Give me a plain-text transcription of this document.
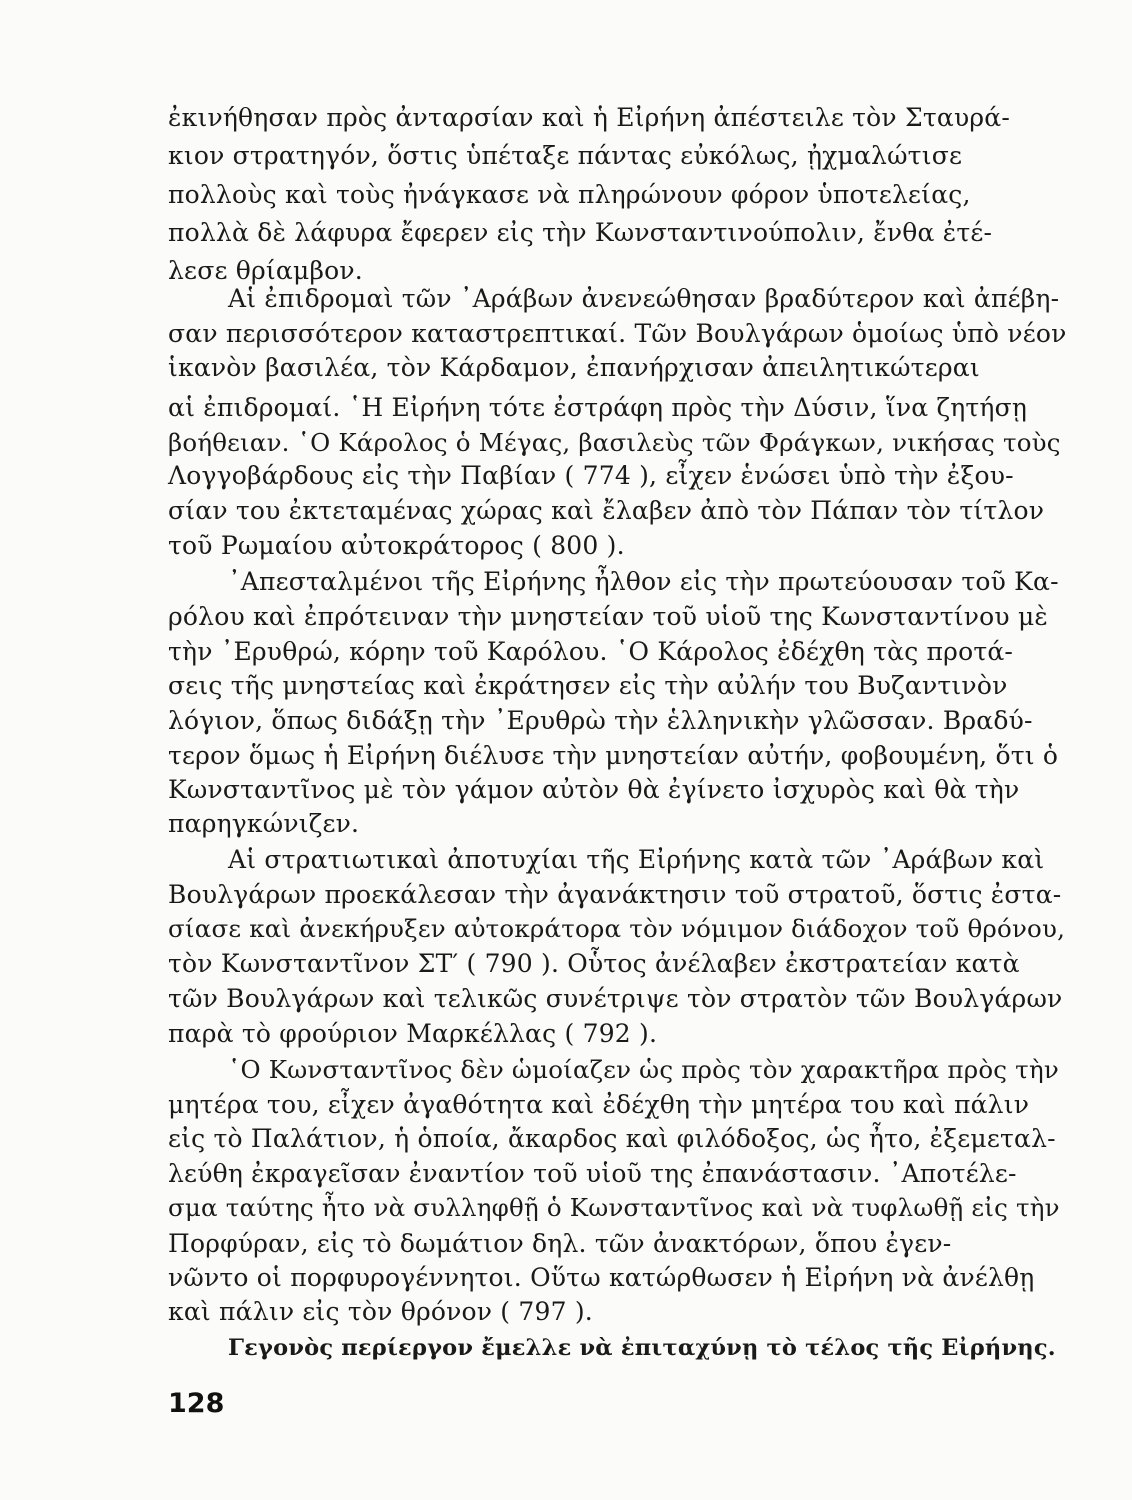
ἐκινήθησαν πρὸς ἀνταρσίαν καὶ ἡ Εἰρήνη ἀπέστειλε τὸν Σταυρά-
κιον στρατηγόν, ὅστις ὑπέταξε πάντας εὐκόλως, ᾐχμαλώτισε
πολλοὺς καὶ τοὺς ἠνάγκασε νὰ πληρώνουν φόρον ὑποτελείας,
πολλὰ δὲ λάφυρα ἔφερεν εἰς τὴν Κωνσταντινούπολιν, ἔνθα ἐτέ-
λεσε θρίαμβον.
Αἱ ἐπιδρομαὶ τῶν ᾿Αράβων ἀνενεώθησαν βραδύτερον καὶ ἀπέβη-
σαν περισσότερον καταστρεπτικαί. Τῶν Βουλγάρων ὁμοίως ὑπὸ νέον
ἱκανὸν βασιλέα, τὸν Κάρδαμον, ἐπανήρχισαν ἀπειλητικώτεραι
αἱ ἐπιδρομαί. ῾Η Εἰρήνη τότε ἐστράφη πρὸς τὴν Δύσιν, ἵνα ζητήσῃ
βοήθειαν. ῾Ο Κάρολος ὁ Μέγας, βασιλεὺς τῶν Φράγκων, νικήσας τοὺς
Λογγοβάρδους εἰς τὴν Παβίαν ( 774 ), εἶχεν ἑνώσει ὑπὸ τὴν ἐξου-
σίαν του ἐκτεταμένας χώρας καὶ ἔλαβεν ἀπὸ τὸν Πάπαν τὸν τίτλον
τοῦ Ρωμαίου αὐτοκράτορος ( 800 ).
᾿Απεσταλμένοι τῆς Εἰρήνης ἦλθον εἰς τὴν πρωτεύουσαν τοῦ Κα-
ρόλου καὶ ἐπρότειναν τὴν μνηστείαν τοῦ υἱοῦ της Κωνσταντίνου μὲ
τὴν ᾿Ερυθρώ, κόρην τοῦ Καρόλου. ῾Ο Κάρολος ἐδέχθη τὰς προτά-
σεις τῆς μνηστείας καὶ ἐκράτησεν εἰς τὴν αὐλήν του Βυζαντινὸν
λόγιον, ὅπως διδάξῃ τὴν ᾿Ερυθρὼ τὴν ἑλληνικὴν γλῶσσαν. Βραδύ-
τερον ὅμως ἡ Εἰρήνη διέλυσε τὴν μνηστείαν αὐτήν, φοβουμένη, ὅτι ὁ
Κωνσταντῖνος μὲ τὸν γάμον αὐτὸν θὰ ἐγίνετο ἰσχυρὸς καὶ θὰ τὴν
παρηγκώνιζεν.
Αἱ στρατιωτικαὶ ἀποτυχίαι τῆς Εἰρήνης κατὰ τῶν ᾿Αράβων καὶ
Βουλγάρων προεκάλεσαν τὴν ἀγανάκτησιν τοῦ στρατοῦ, ὅστις ἐστα-
σίασε καὶ ἀνεκήρυξεν αὐτοκράτορα τὸν νόμιμον διάδοχον τοῦ θρόνου,
τὸν Κωνσταντῖνον ΣΤ′ ( 790 ). Οὗτος ἀνέλαβεν ἐκστρατείαν κατὰ
τῶν Βουλγάρων καὶ τελικῶς συνέτριψε τὸν στρατὸν τῶν Βουλγάρων
παρὰ τὸ φρούριον Μαρκέλλας ( 792 ).
῾Ο Κωνσταντῖνος δὲν ὡμοίαζεν ὡς πρὸς τὸν χαρακτῆρα πρὸς τὴν
μητέρα του, εἶχεν ἀγαθότητα καὶ ἐδέχθη τὴν μητέρα του καὶ πάλιν
εἰς τὸ Παλάτιον, ἡ ὁποία, ἄκαρδος καὶ φιλόδοξος, ὡς ἦτο, ἐξεμεταλ-
λεύθη ἐκραγεῖσαν ἐναντίον τοῦ υἱοῦ της ἐπανάστασιν. ᾿Αποτέλε-
σμα ταύτης ἦτο νὰ συλληφθῇ ὁ Κωνσταντῖνος καὶ νὰ τυφλωθῇ εἰς τὴν
Πορφύραν, εἰς τὸ δωμάτιον δηλ. τῶν ἀνακτόρων, ὅπου ἐγεν-
νῶντο οἱ πορφυρογέννητοι. Οὕτω κατώρθωσεν ἡ Εἰρήνη νὰ ἀνέλθῃ
καὶ πάλιν εἰς τὸν θρόνον ( 797 ).
Γεγονὸς περίεργον ἔμελλε νὰ ἐπιταχύνῃ τὸ τέλος τῆς Εἰρήνης.
128
